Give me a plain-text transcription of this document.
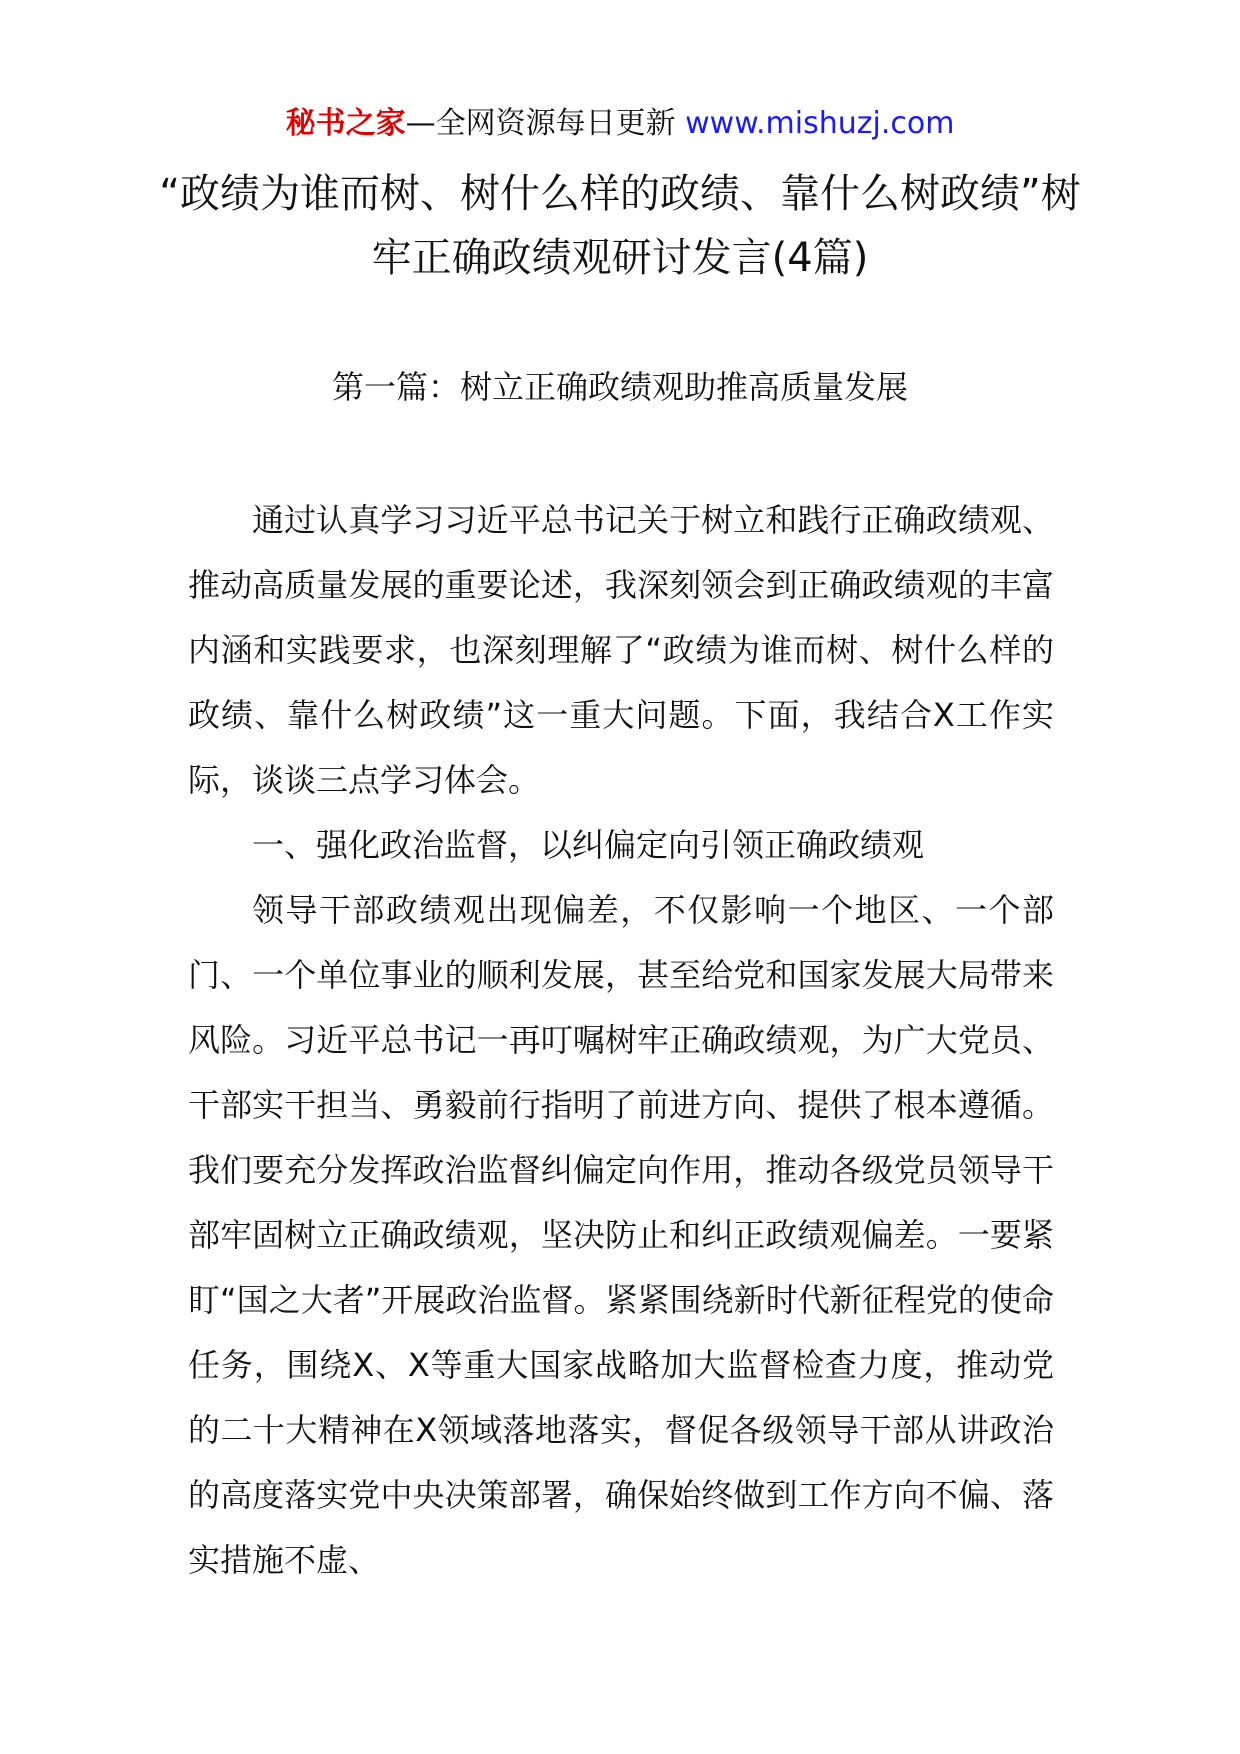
秘书之家—全网资源每日更新 www.mishuzj.com
“政绩为谁而树、树什么样的政绩、靠什么树政绩”树牢正确政绩观研讨发言(4篇)
第一篇：树立正确政绩观助推高质量发展

通过认真学习习近平总书记关于树立和践行正确政绩观、推动高质量发展的重要论述，我深刻领会到正确政绩观的丰富内涵和实践要求，也深刻理解了“政绩为谁而树、树什么样的政绩、靠什么树政绩”这一重大问题。下面，我结合X工作实际，谈谈三点学习体会。

一、强化政治监督，以纠偏定向引领正确政绩观

领导干部政绩观出现偏差，不仅影响一个地区、一个部门、一个单位事业的顺利发展，甚至给党和国家发展大局带来风险。习近平总书记一再叮嘱树牢正确政绩观，为广大党员、干部实干担当、勇毅前行指明了前进方向、提供了根本遵循。我们要充分发挥政治监督纠偏定向作用，推动各级党员领导干部牢固树立正确政绩观，坚决防止和纠正政绩观偏差。一要紧盯“国之大者”开展政治监督。紧紧围绕新时代新征程党的使命任务，围绕X、X等重大国家战略加大监督检查力度，推动党的二十大精神在X领域落地落实，督促各级领导干部从讲政治的高度落实党中央决策部署，确保始终做到工作方向不偏、落实措施不虚、
